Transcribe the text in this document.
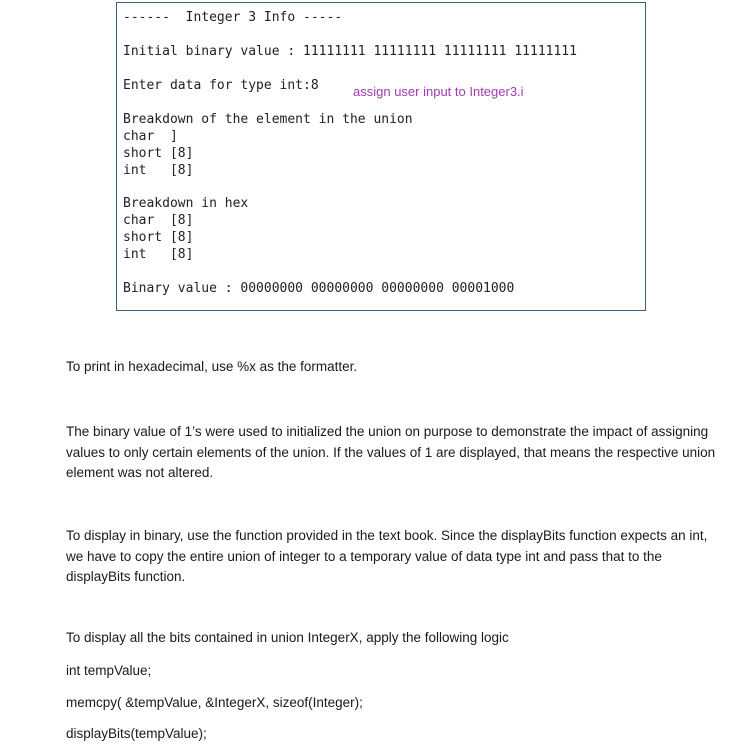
------  Integer 3 Info -----
Initial binary value : 11111111 11111111 11111111 11111111
Enter data for type int:8	assign user input to Integer3.i
Breakdown of the element in the union
char  ]
short [8]
int   [8]
Breakdown in hex
char  [8]
short [8]
int   [8]
Binary value : 00000000 00000000 00000000 00001000
To print in hexadecimal, use %x as the formatter.
The binary value of 1’s were used to initialized the union on purpose to demonstrate the impact of assigning values to only certain elements of the union. If the values of 1 are displayed, that means the respective union element was not altered.
To display in binary, use the function provided in the text book. Since the displayBits function expects an int, we have to copy the entire union of integer to a temporary value of data type int and pass that to the displayBits function.
To display all the bits contained in union IntegerX, apply the following logic
int tempValue;
memcpy( &tempValue, &IntegerX, sizeof(Integer);
displayBits(tempValue);
